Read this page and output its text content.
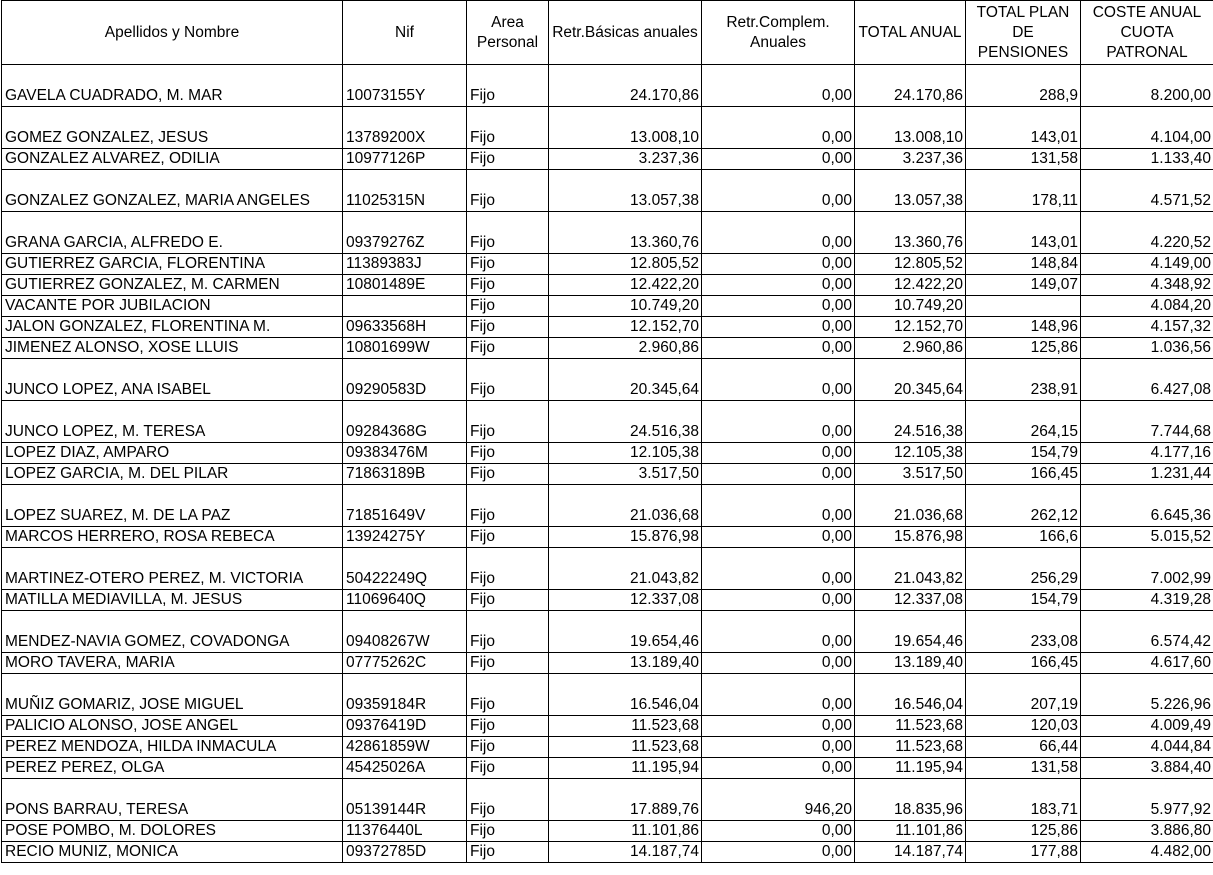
Apellidos y Nombre	Nif	Area Personal	Retr.Básicas anuales	Retr.Complem. Anuales	TOTAL ANUAL	TOTAL PLAN DE PENSIONES	COSTE ANUAL CUOTA PATRONAL
GAVELA CUADRADO, M. MAR	10073155Y	Fijo	24.170,86	0,00	24.170,86	288,9	8.200,00
GOMEZ GONZALEZ, JESUS	13789200X	Fijo	13.008,10	0,00	13.008,10	143,01	4.104,00
GONZALEZ ALVAREZ, ODILIA	10977126P	Fijo	3.237,36	0,00	3.237,36	131,58	1.133,40
GONZALEZ GONZALEZ, MARIA ANGELES	11025315N	Fijo	13.057,38	0,00	13.057,38	178,11	4.571,52
GRANA GARCIA, ALFREDO E.	09379276Z	Fijo	13.360,76	0,00	13.360,76	143,01	4.220,52
GUTIERREZ GARCIA, FLORENTINA	11389383J	Fijo	12.805,52	0,00	12.805,52	148,84	4.149,00
GUTIERREZ GONZALEZ, M. CARMEN	10801489E	Fijo	12.422,20	0,00	12.422,20	149,07	4.348,92
VACANTE POR JUBILACION		Fijo	10.749,20	0,00	10.749,20		4.084,20
JALON GONZALEZ, FLORENTINA M.	09633568H	Fijo	12.152,70	0,00	12.152,70	148,96	4.157,32
JIMENEZ ALONSO, XOSE LLUIS	10801699W	Fijo	2.960,86	0,00	2.960,86	125,86	1.036,56
JUNCO LOPEZ, ANA ISABEL	09290583D	Fijo	20.345,64	0,00	20.345,64	238,91	6.427,08
JUNCO LOPEZ, M. TERESA	09284368G	Fijo	24.516,38	0,00	24.516,38	264,15	7.744,68
LOPEZ DIAZ, AMPARO	09383476M	Fijo	12.105,38	0,00	12.105,38	154,79	4.177,16
LOPEZ GARCIA, M. DEL PILAR	71863189B	Fijo	3.517,50	0,00	3.517,50	166,45	1.231,44
LOPEZ SUAREZ, M. DE LA PAZ	71851649V	Fijo	21.036,68	0,00	21.036,68	262,12	6.645,36
MARCOS HERRERO, ROSA REBECA	13924275Y	Fijo	15.876,98	0,00	15.876,98	166,6	5.015,52
MARTINEZ-OTERO PEREZ, M. VICTORIA	50422249Q	Fijo	21.043,82	0,00	21.043,82	256,29	7.002,99
MATILLA MEDIAVILLA, M. JESUS	11069640Q	Fijo	12.337,08	0,00	12.337,08	154,79	4.319,28
MENDEZ-NAVIA GOMEZ, COVADONGA	09408267W	Fijo	19.654,46	0,00	19.654,46	233,08	6.574,42
MORO TAVERA, MARIA	07775262C	Fijo	13.189,40	0,00	13.189,40	166,45	4.617,60
MUÑIZ GOMARIZ, JOSE MIGUEL	09359184R	Fijo	16.546,04	0,00	16.546,04	207,19	5.226,96
PALICIO ALONSO, JOSE ANGEL	09376419D	Fijo	11.523,68	0,00	11.523,68	120,03	4.009,49
PEREZ MENDOZA, HILDA INMACULA	42861859W	Fijo	11.523,68	0,00	11.523,68	66,44	4.044,84
PEREZ PEREZ, OLGA	45425026A	Fijo	11.195,94	0,00	11.195,94	131,58	3.884,40
PONS BARRAU, TERESA	05139144R	Fijo	17.889,76	946,20	18.835,96	183,71	5.977,92
POSE POMBO, M. DOLORES	11376440L	Fijo	11.101,86	0,00	11.101,86	125,86	3.886,80
RECIO MUNIZ, MONICA	09372785D	Fijo	14.187,74	0,00	14.187,74	177,88	4.482,00
